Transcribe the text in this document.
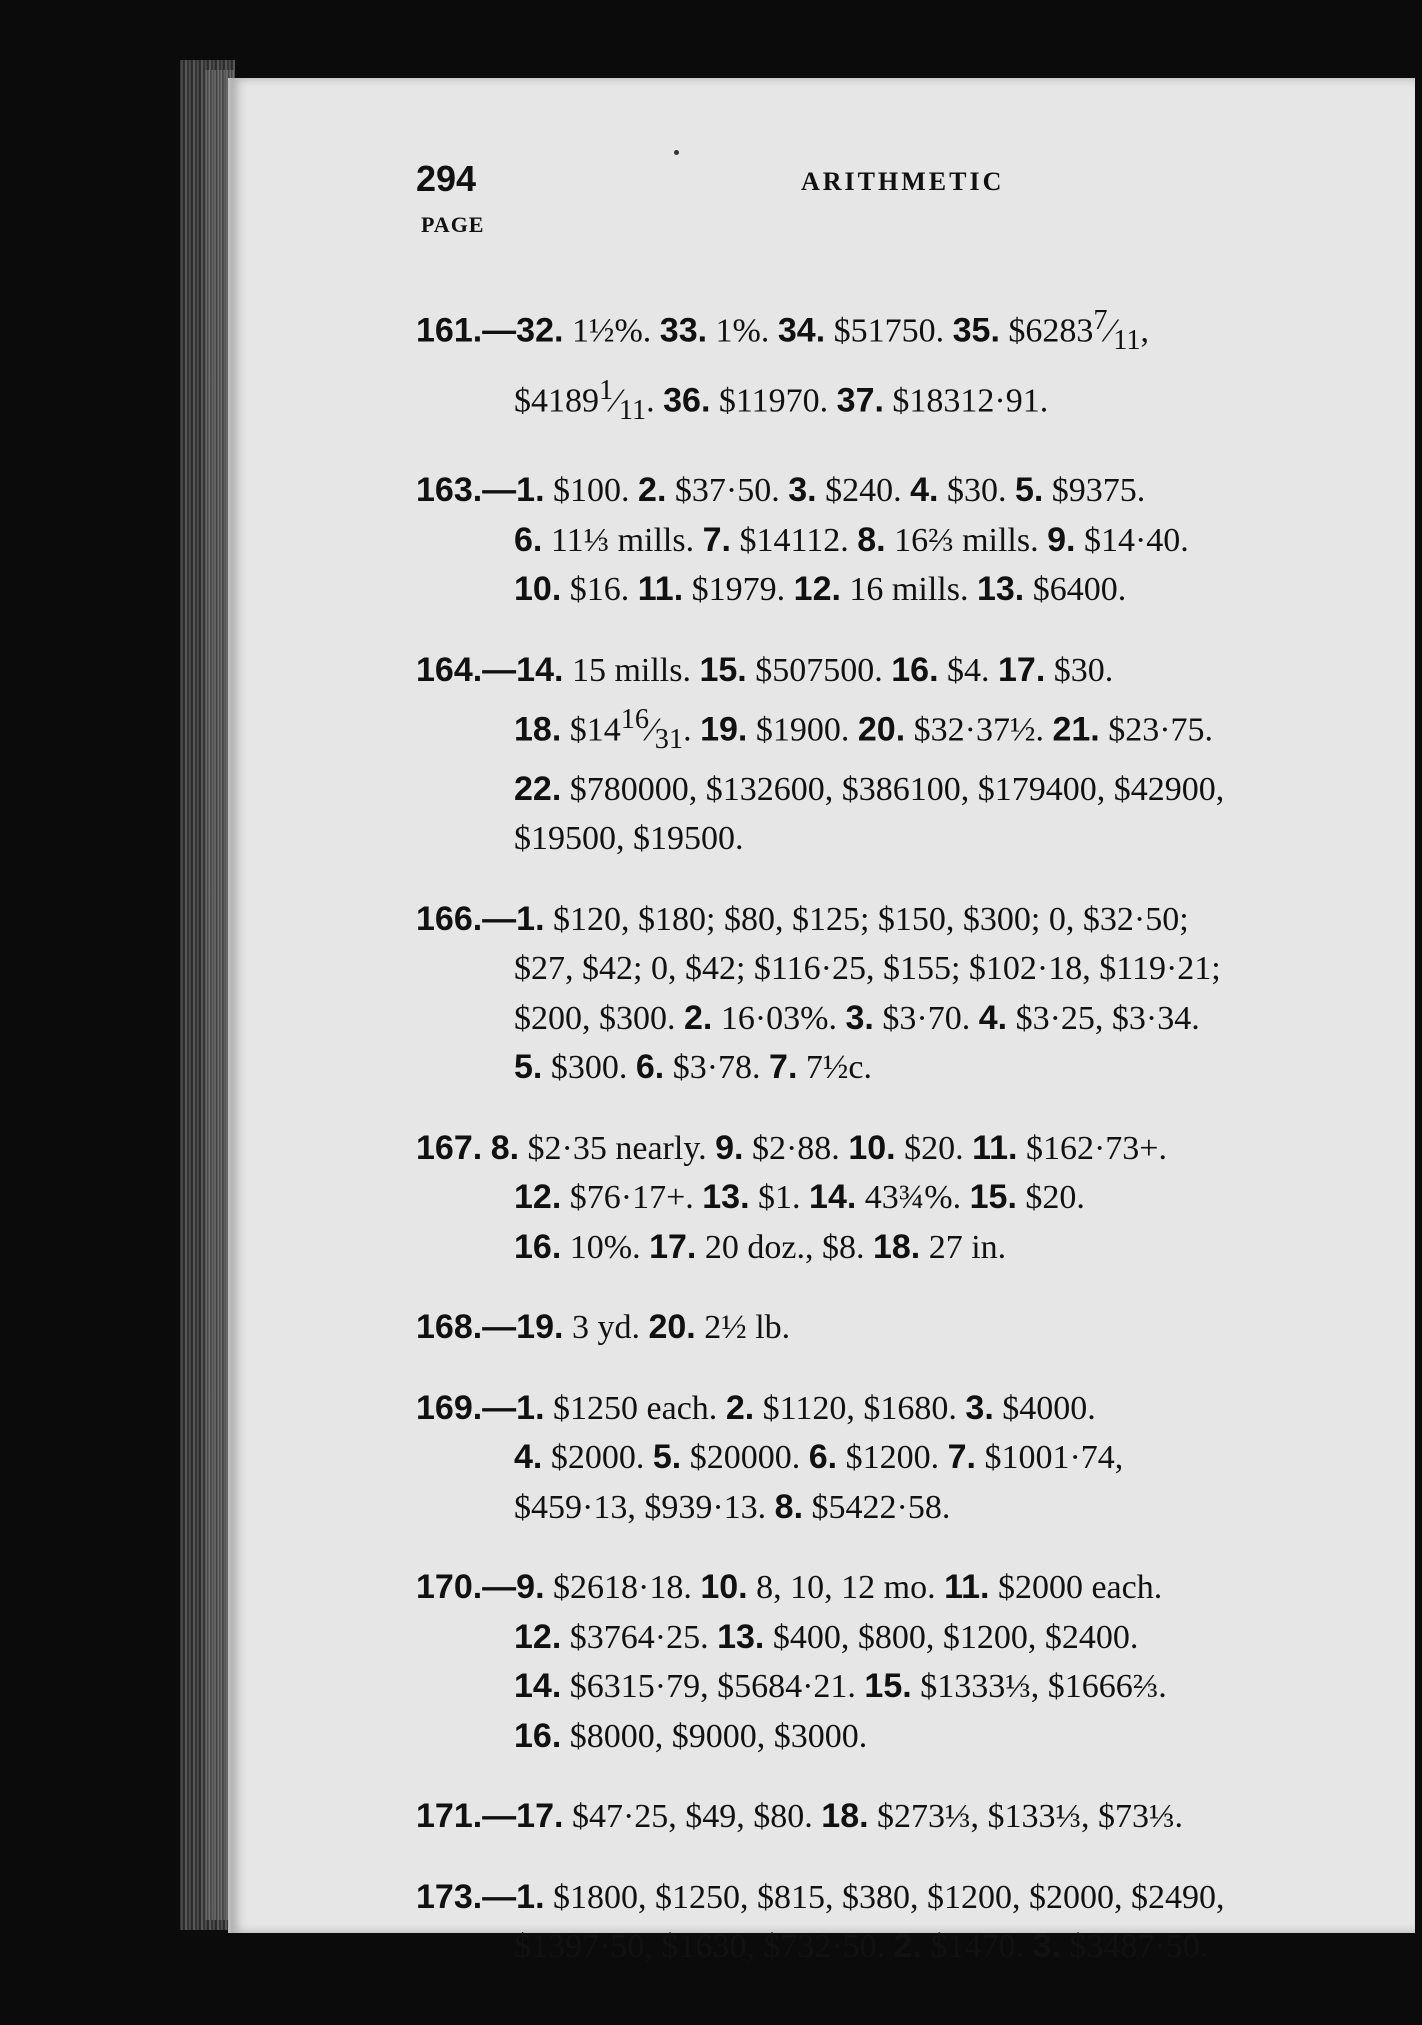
294	ARITHMETIC
PAGE
161.—32. 1½%. 33. 1%. 34. $51750. 35. $\$6283^7⁄_{11}$,
$\$4189^1⁄_{11}$. 36. $11970. 37. $18312·91.
163.—1. $100. 2. $37·50. 3. $240. 4. $30. 5. $9375.
6. 11⅓ mills. 7. $14112. 8. 16⅔ mills. 9. $14·40.
10. $16. 11. $1979. 12. 16 mills. 13. $6400.
164.—14. 15 mills. 15. $507500. 16. $4. 17. $30.
18. $\$14^{16}⁄_{31}$. 19. $1900. 20. $32·37½. 21. $23·75.
22. $780000, $132600, $386100, $179400, $42900,
$19500, $19500.
166.—1. $120, $180; $80, $125; $150, $300; 0, $32·50;
$27, $42; 0, $42; $116·25, $155; $102·18, $119·21;
$200, $300. 2. 16·03%. 3. $3·70. 4. $3·25, $3·34.
5. $300. 6. $3·78. 7. 7½c.
167. 8. $2·35 nearly. 9. $2·88. 10. $20. 11. $162·73+.
12. $76·17+. 13. $1. 14. 43¾%. 15. $20.
16. 10%. 17. 20 doz., $8. 18. 27 in.
168.—19. 3 yd. 20. 2½ lb.
169.—1. $1250 each. 2. $1120, $1680. 3. $4000.
4. $2000. 5. $20000. 6. $1200. 7. $1001·74,
$459·13, $939·13. 8. $5422·58.
170.—9. $2618·18. 10. 8, 10, 12 mo. 11. $2000 each.
12. $3764·25. 13. $400, $800, $1200, $2400.
14. $6315·79, $5684·21. 15. $1333⅓, $1666⅔.
16. $8000, $9000, $3000.
171.—17. $47·25, $49, $80. 18. $273⅓, $133⅓, $73⅓.
173.—1. $1800, $1250, $815, $380, $1200, $2000, $2490,
$1397·50, $1630, $732·50. 2. $1470. 3. $3487·50.
